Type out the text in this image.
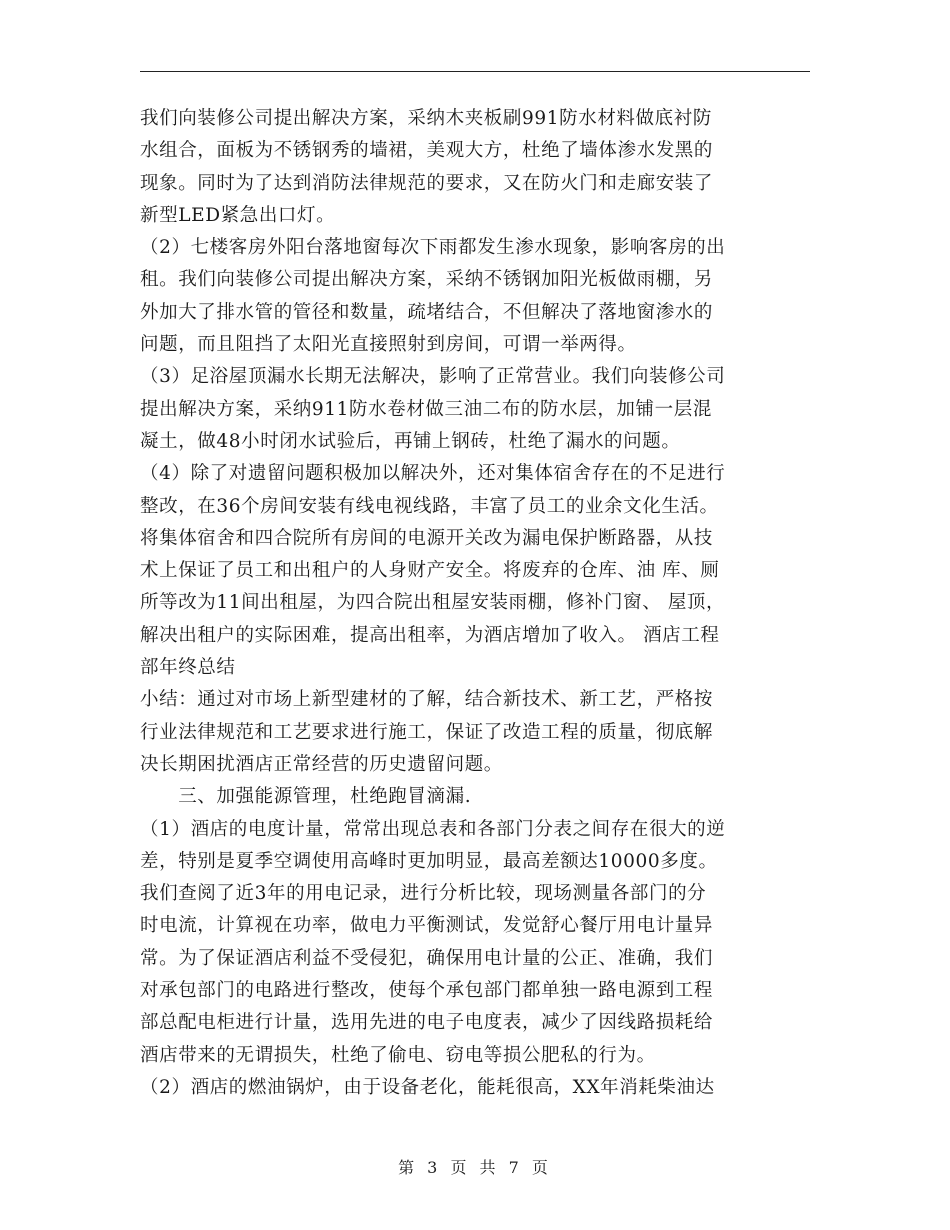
我们向装修公司提出解决方案，采纳木夹板刷991防水材料做底衬防
水组合，面板为不锈钢秀的墙裙，美观大方，杜绝了墙体渗水发黑的
现象。同时为了达到消防法律规范的要求，又在防火门和走廊安装了
新型LED紧急出口灯。
（2）七楼客房外阳台落地窗每次下雨都发生渗水现象，影响客房的出
租。我们向装修公司提出解决方案，采纳不锈钢加阳光板做雨棚，另
外加大了排水管的管径和数量，疏堵结合，不但解决了落地窗渗水的
问题，而且阻挡了太阳光直接照射到房间，可谓一举两得。
（3）足浴屋顶漏水长期无法解决，影响了正常营业。我们向装修公司
提出解决方案，采纳911防水卷材做三油二布的防水层，加铺一层混
凝土，做48小时闭水试验后，再铺上钢砖，杜绝了漏水的问题。
（4）除了对遗留问题积极加以解决外，还对集体宿舍存在的不足进行
整改，在36个房间安装有线电视线路，丰富了员工的业余文化生活。
将集体宿舍和四合院所有房间的电源开关改为漏电保护断路器，从技
术上保证了员工和出租户的人身财产安全。将废弃的仓库、油 库、厕
所等改为11间出租屋，为四合院出租屋安装雨棚，修补门窗、 屋顶，
解决出租户的实际困难，提高出租率，为酒店增加了收入。 酒店工程
部年终总结
小结：通过对市场上新型建材的了解，结合新技术、新工艺，严格按
行业法律规范和工艺要求进行施工，保证了改造工程的质量，彻底解
决长期困扰酒店正常经营的历史遗留问题。
　　三、加强能源管理，杜绝跑冒滴漏.
（1）酒店的电度计量，常常出现总表和各部门分表之间存在很大的逆
差，特别是夏季空调使用高峰时更加明显，最高差额达10000多度。
我们查阅了近3年的用电记录，进行分析比较，现场测量各部门的分
时电流，计算视在功率，做电力平衡测试，发觉舒心餐厅用电计量异
常。为了保证酒店利益不受侵犯，确保用电计量的公正、准确，我们
对承包部门的电路进行整改，使每个承包部门都单独一路电源到工程
部总配电柜进行计量，选用先进的电子电度表，减少了因线路损耗给
酒店带来的无谓损失，杜绝了偷电、窃电等损公肥私的行为。
（2）酒店的燃油锅炉，由于设备老化，能耗很高，XX年消耗柴油达
第 3 页 共 7 页
